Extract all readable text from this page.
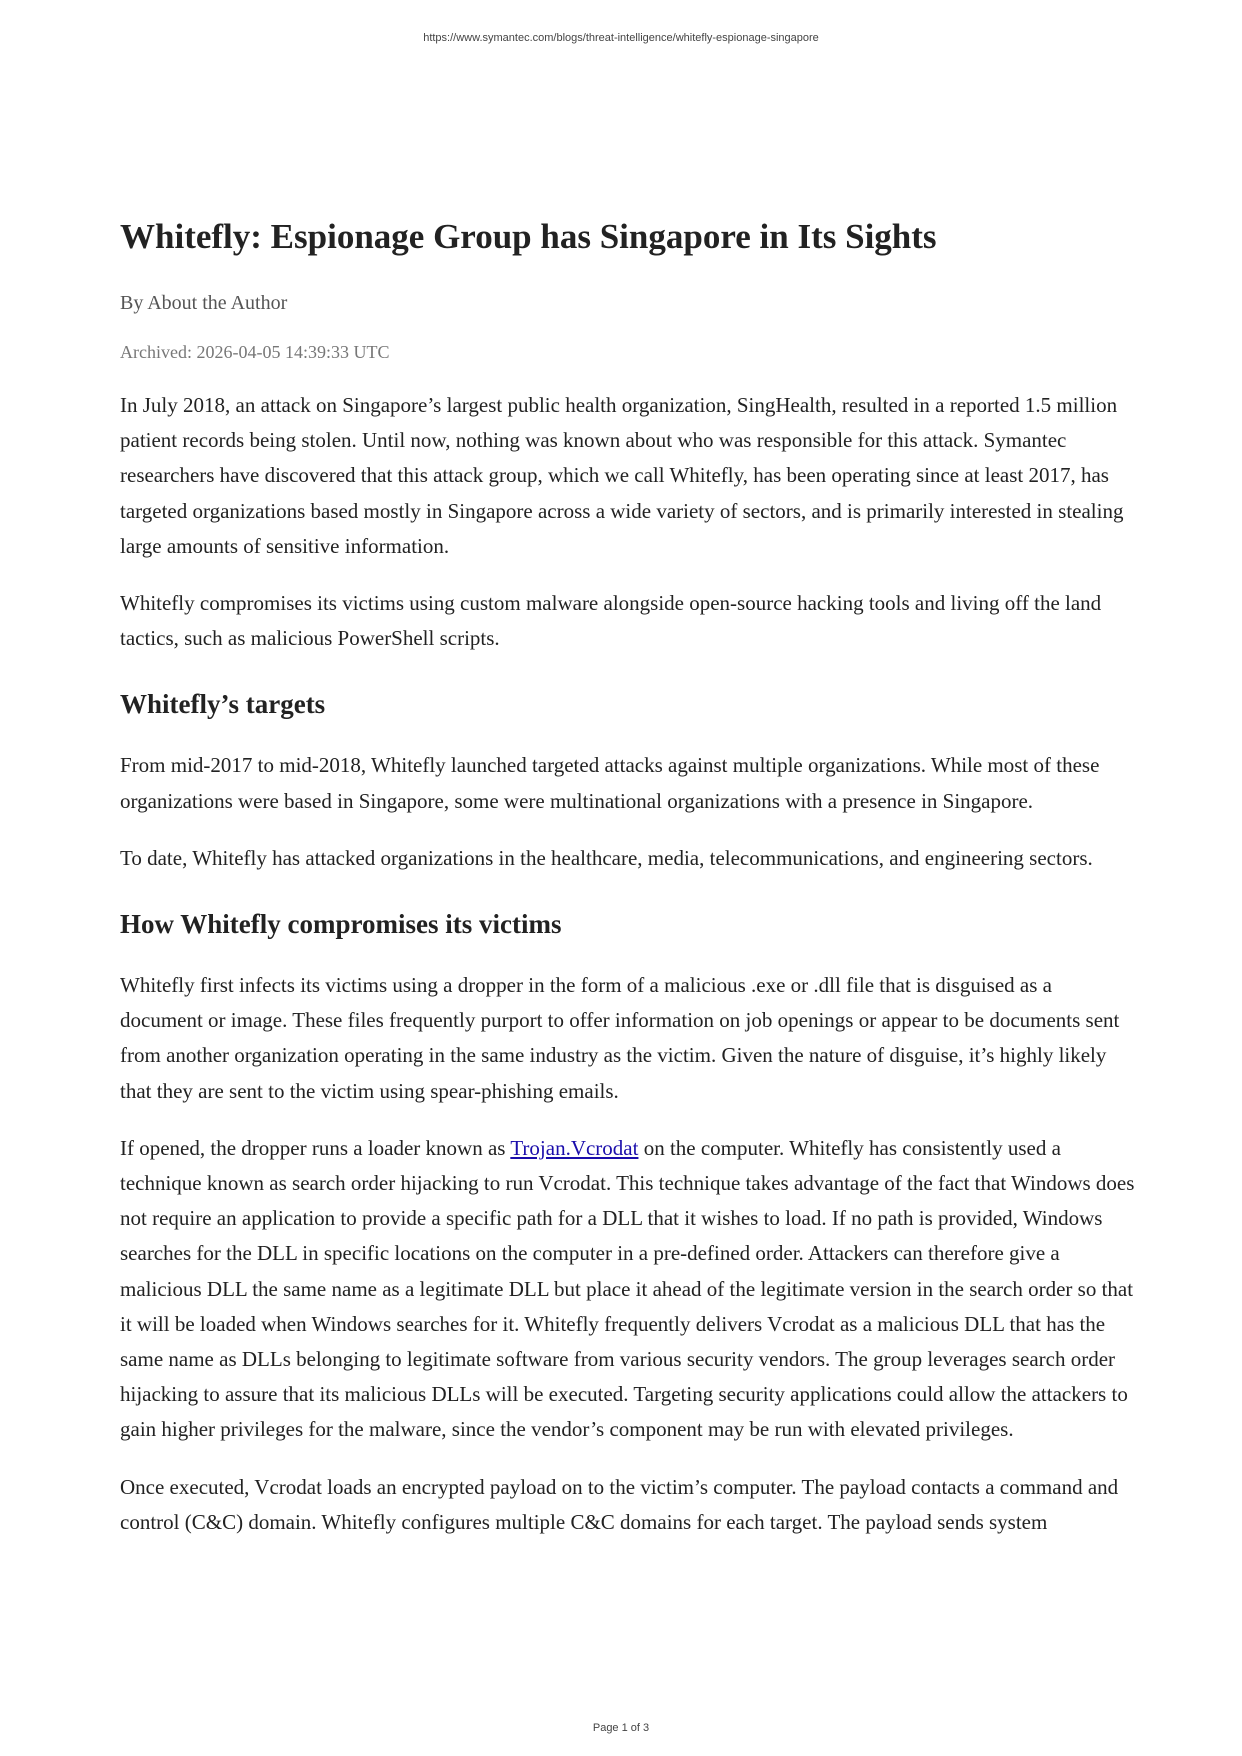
https://www.symantec.com/blogs/threat-intelligence/whitefly-espionage-singapore
Whitefly: Espionage Group has Singapore in Its Sights
By About the Author
Archived: 2026-04-05 14:39:33 UTC

In July 2018, an attack on Singapore’s largest public health organization, SingHealth, resulted in a reported 1.5 million patient records being stolen. Until now, nothing was known about who was responsible for this attack. Symantec researchers have discovered that this attack group, which we call Whitefly, has been operating since at least 2017, has targeted organizations based mostly in Singapore across a wide variety of sectors, and is primarily interested in stealing large amounts of sensitive information.

Whitefly compromises its victims using custom malware alongside open-source hacking tools and living off the land tactics, such as malicious PowerShell scripts.

Whitefly’s targets

From mid-2017 to mid-2018, Whitefly launched targeted attacks against multiple organizations. While most of these organizations were based in Singapore, some were multinational organizations with a presence in Singapore.

To date, Whitefly has attacked organizations in the healthcare, media, telecommunications, and engineering sectors.

How Whitefly compromises its victims

Whitefly first infects its victims using a dropper in the form of a malicious .exe or .dll file that is disguised as a document or image. These files frequently purport to offer information on job openings or appear to be documents sent from another organization operating in the same industry as the victim. Given the nature of disguise, it’s highly likely that they are sent to the victim using spear-phishing emails.

If opened, the dropper runs a loader known as Trojan.Vcrodat on the computer. Whitefly has consistently used a technique known as search order hijacking to run Vcrodat. This technique takes advantage of the fact that Windows does not require an application to provide a specific path for a DLL that it wishes to load. If no path is provided, Windows searches for the DLL in specific locations on the computer in a pre-defined order. Attackers can therefore give a malicious DLL the same name as a legitimate DLL but place it ahead of the legitimate version in the search order so that it will be loaded when Windows searches for it. Whitefly frequently delivers Vcrodat as a malicious DLL that has the same name as DLLs belonging to legitimate software from various security vendors. The group leverages search order hijacking to assure that its malicious DLLs will be executed. Targeting security applications could allow the attackers to gain higher privileges for the malware, since the vendor’s component may be run with elevated privileges.

Once executed, Vcrodat loads an encrypted payload on to the victim’s computer. The payload contacts a command and control (C&C) domain. Whitefly configures multiple C&C domains for each target. The payload sends system

Page 1 of 3
